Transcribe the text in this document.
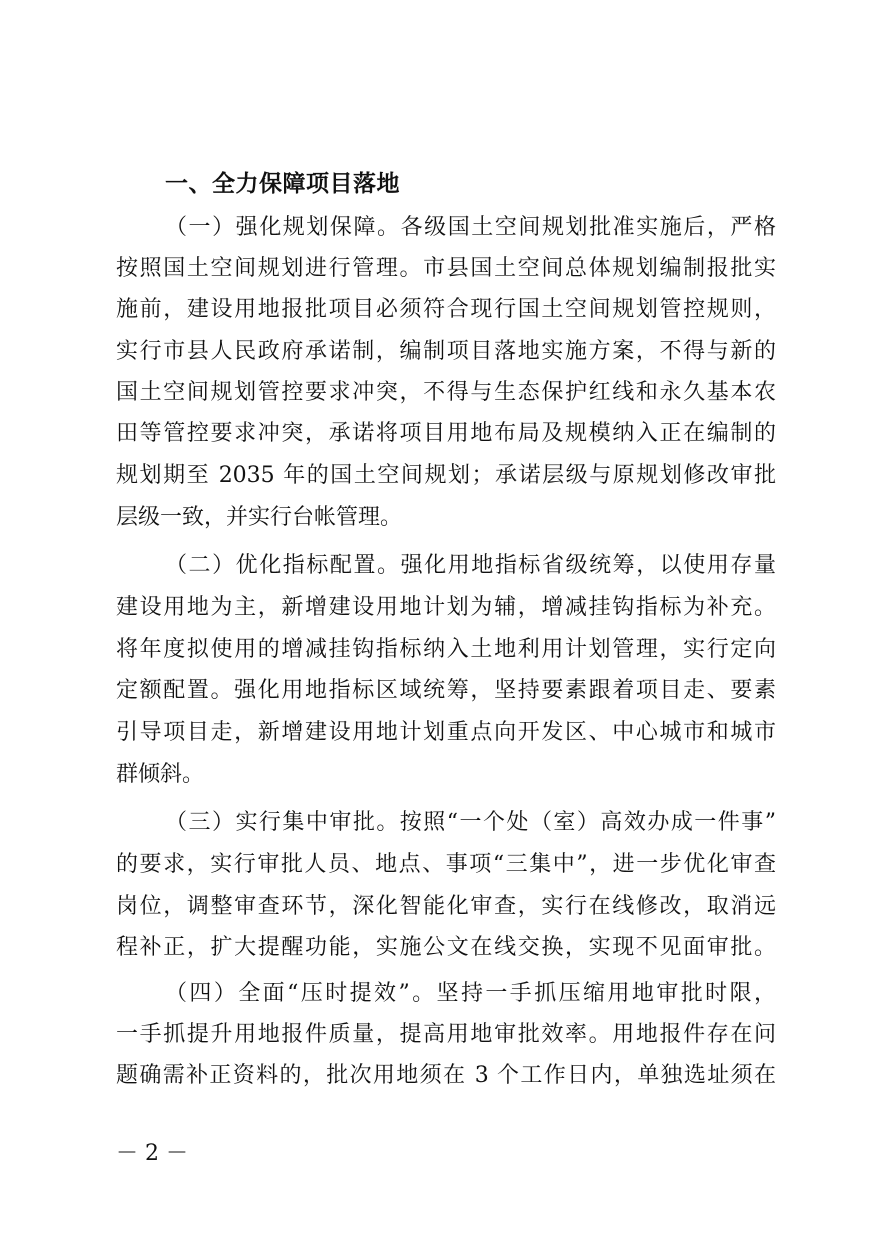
一、全力保障项目落地
（一）强化规划保障。各级国土空间规划批准实施后，严格
按照国土空间规划进行管理。市县国土空间总体规划编制报批实
施前，建设用地报批项目必须符合现行国土空间规划管控规则，
实行市县人民政府承诺制，编制项目落地实施方案，不得与新的
国土空间规划管控要求冲突，不得与生态保护红线和永久基本农
田等管控要求冲突，承诺将项目用地布局及规模纳入正在编制的
规划期至 2035 年的国土空间规划；承诺层级与原规划修改审批
层级一致，并实行台帐管理。
（二）优化指标配置。强化用地指标省级统筹，以使用存量
建设用地为主，新增建设用地计划为辅，增减挂钩指标为补充。
将年度拟使用的增减挂钩指标纳入土地利用计划管理，实行定向
定额配置。强化用地指标区域统筹，坚持要素跟着项目走、要素
引导项目走，新增建设用地计划重点向开发区、中心城市和城市
群倾斜。
（三）实行集中审批。按照“一个处（室）高效办成一件事”
的要求，实行审批人员、地点、事项“三集中”，进一步优化审查
岗位，调整审查环节，深化智能化审查，实行在线修改，取消远
程补正，扩大提醒功能，实施公文在线交换，实现不见面审批。
（四）全面“压时提效”。坚持一手抓压缩用地审批时限，
一手抓提升用地报件质量，提高用地审批效率。用地报件存在问
题确需补正资料的，批次用地须在 3 个工作日内，单独选址须在
－ 2 －
